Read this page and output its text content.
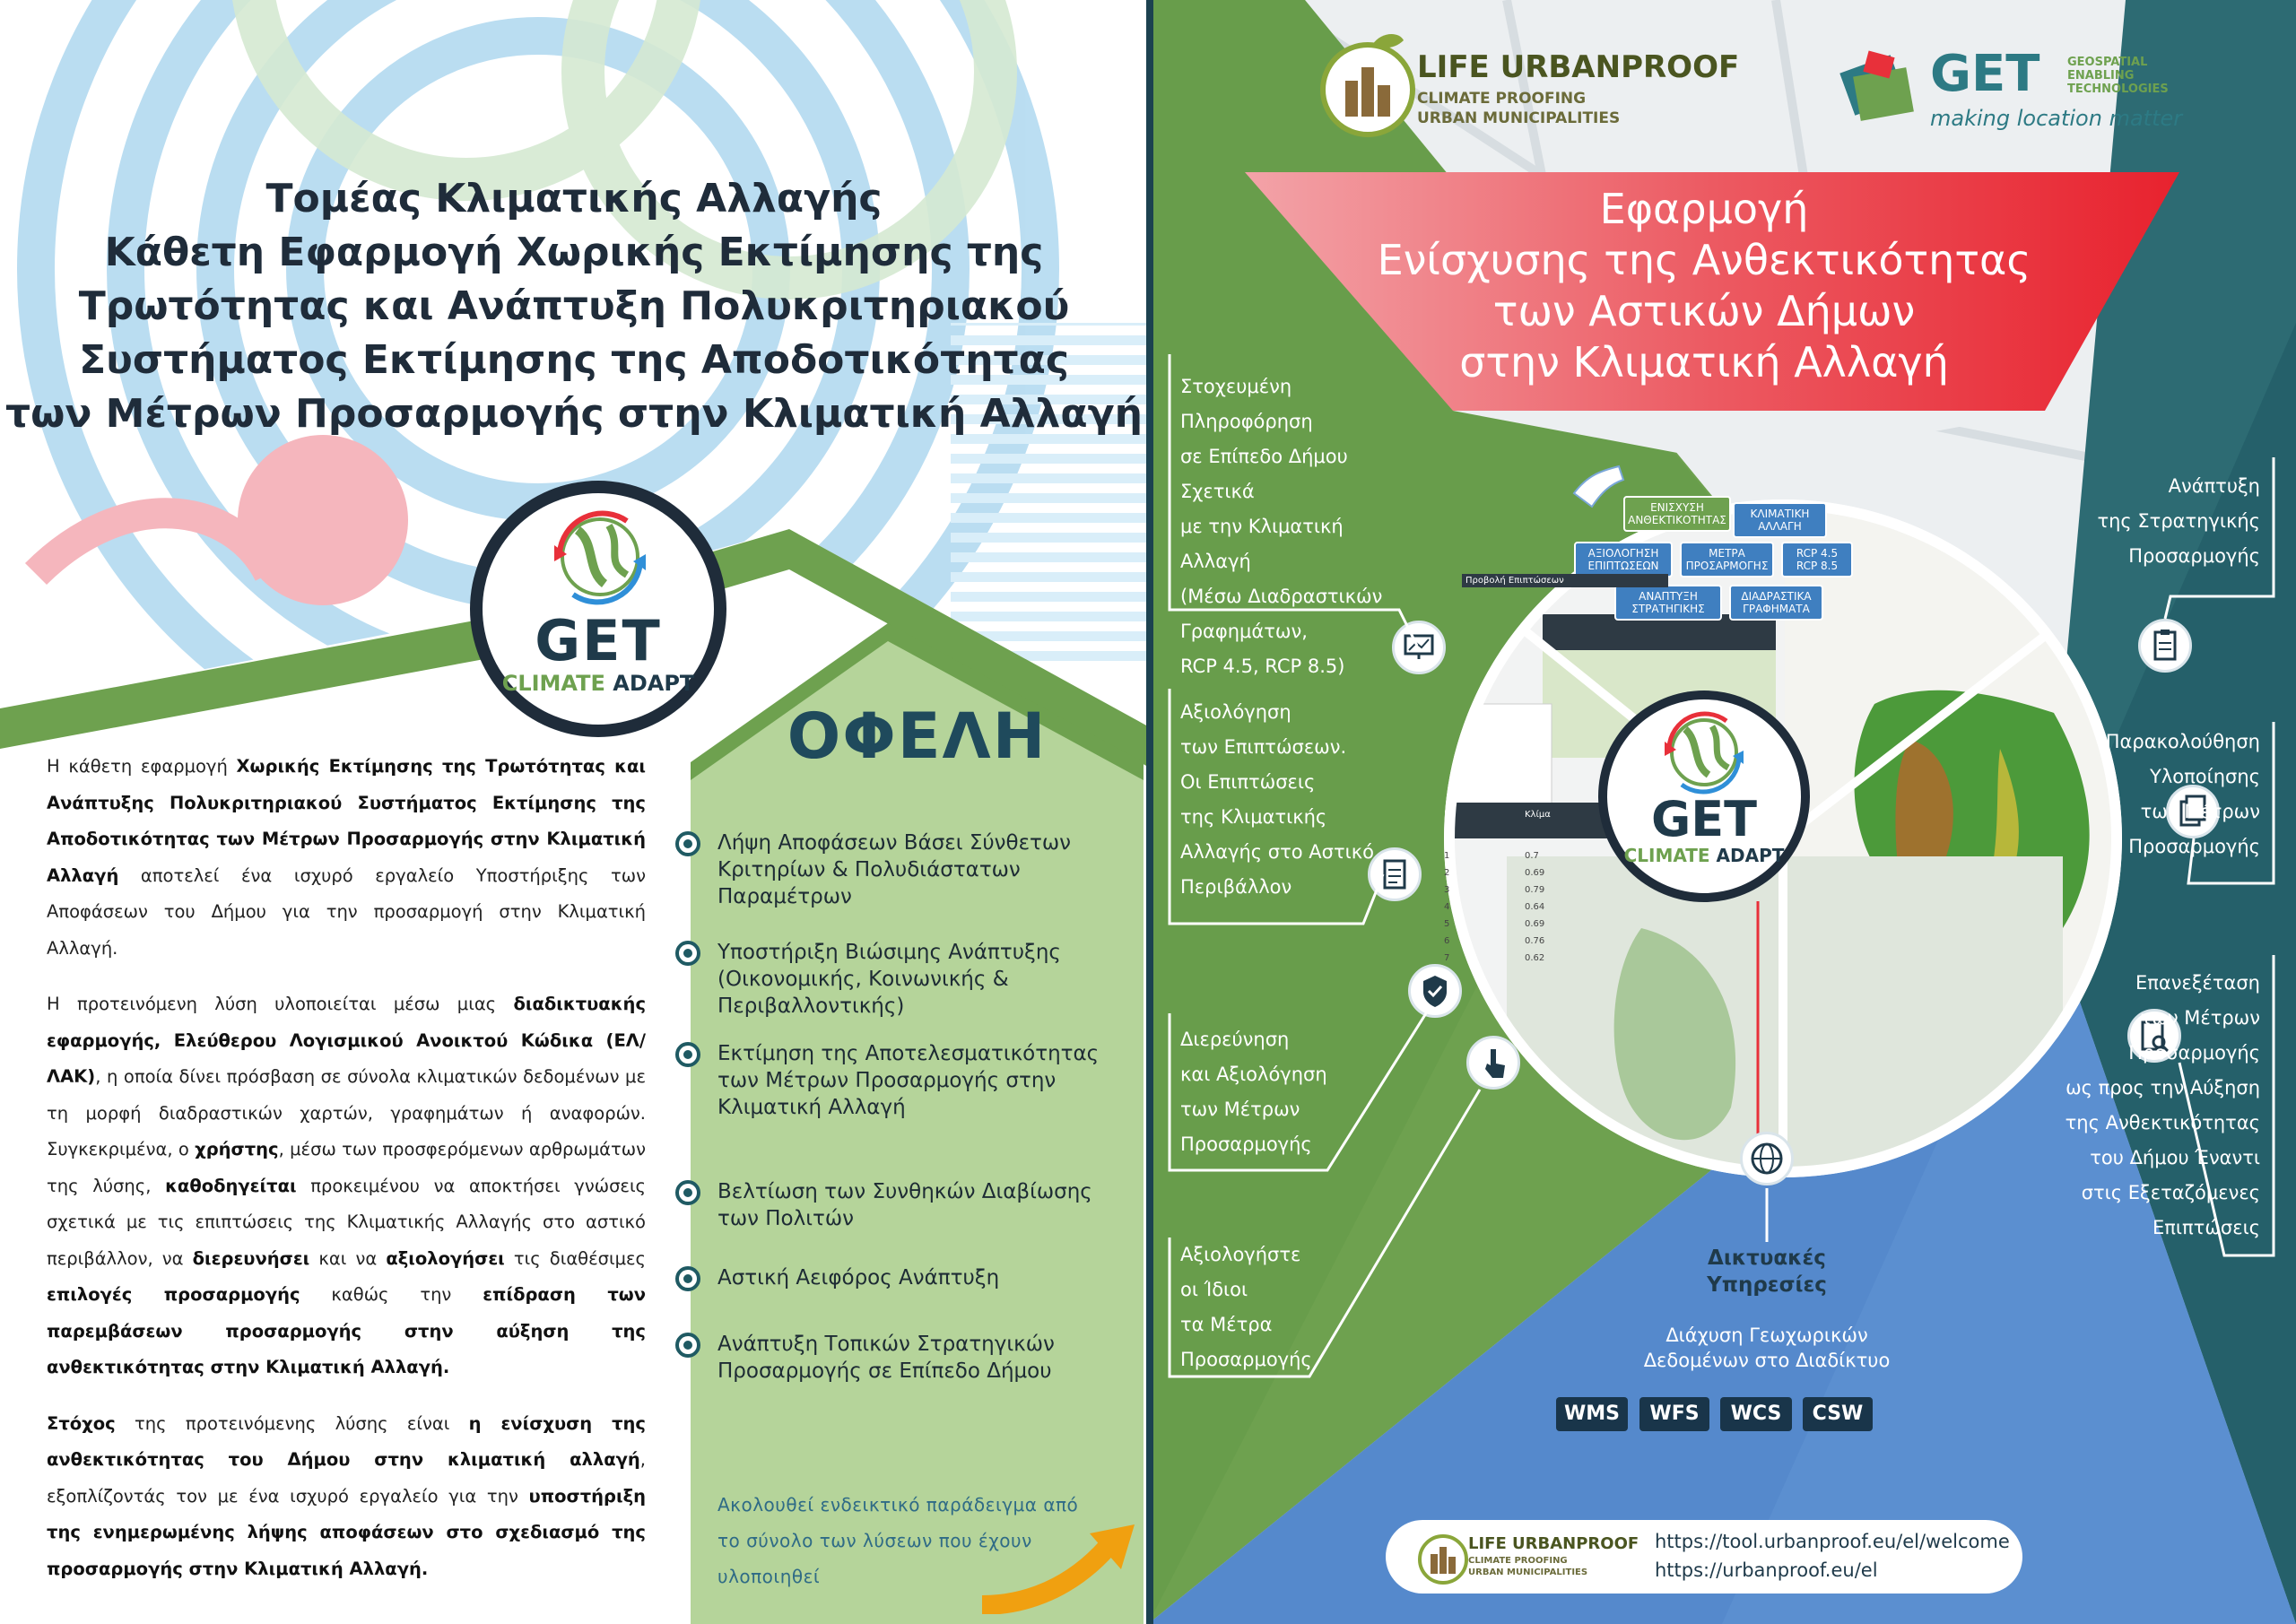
Τομέας Κλιματικής Αλλαγής
Κάθετη Εφαρμογή Χωρικής Εκτίμησης της
Τρωτότητας και Ανάπτυξη Πολυκριτηριακού
Συστήματος Εκτίμησης της Αποδοτικότητας
των Μέτρων Προσαρμογής στην Κλιματική Αλλαγή
GET
CLIMATE ADAPT

Η κάθετη εφαρμογή Χωρικής Εκτίμησης της Τρωτότητας και Ανάπτυξης Πολυκριτηριακού Συστήματος Εκτίμησης της Αποδοτικότητας των Μέτρων Προσαρμογής στην Κλιματική Αλλαγή αποτελεί ένα ισχυρό εργαλείο Υποστήριξης των Αποφάσεων του Δήμου για την προσαρμογή στην Κλιματική Αλλαγή.

Η προτεινόμενη λύση υλοποιείται μέσω μιας διαδικτυακής εφαρμογής, Ελεύθερου Λογισμικού Ανοικτού Κώδικα (ΕΛ/ΛΑΚ), η οποία δίνει πρόσβαση σε σύνολα κλιματικών δεδομένων με τη μορφή διαδραστικών χαρτών, γραφημάτων ή αναφορών. Συγκεκριμένα, ο χρήστης, μέσω των προσφερόμενων αρθρωμάτων της λύσης, καθοδηγείται προκειμένου να αποκτήσει γνώσεις σχετικά με τις επιπτώσεις της Κλιματικής Αλλαγής στο αστικό περιβάλλον, να διερευνήσει και να αξιολογήσει τις διαθέσιμες επιλογές προσαρμογής καθώς την επίδραση των παρεμβάσεων προσαρμογής στην αύξηση της ανθεκτικότητας στην Κλιματική Αλλαγή.

Στόχος της προτεινόμενης λύσης είναι η ενίσχυση της ανθεκτικότητας του Δήμου στην κλιματική αλλαγή, εξοπλίζοντάς τον με ένα ισχυρό εργαλείο για την υποστήριξη της ενημερωμένης λήψης αποφάσεων στο σχεδιασμό της προσαρμογής στην Κλιματική Αλλαγή.

ΟΦΕΛΗ
Λήψη Αποφάσεων Βάσει Σύνθετων Κριτηρίων & Πολυδιάστατων Παραμέτρων
Υποστήριξη Βιώσιμης Ανάπτυξης (Οικονομικής, Κοινωνικής & Περιβαλλοντικής)
Εκτίμηση της Αποτελεσματικότητας των Μέτρων Προσαρμογής στην Κλιματική Αλλαγή
Βελτίωση των Συνθηκών Διαβίωσης των Πολιτών
Αστική Αειφόρος Ανάπτυξη
Ανάπτυξη Τοπικών Στρατηγικών Προσαρμογής σε Επίπεδο Δήμου
Ακολουθεί ενδεικτικό παράδειγμα από το σύνολο των λύσεων που έχουν υλοποιηθεί
LIFE URBANPROOF
CLIMATE PROOFING
URBAN MUNICIPALITIES
GET GEOSPATIAL
ENABLING
TECHNOLOGIES
making location matter
Εφαρμογή
Ενίσχυσης της Ανθεκτικότητας
των Αστικών Δήμων
στην Κλιματική Αλλαγή
ΕΝΙΣΧΥΣΗ ΑΝΘΕΚΤΙΚΟΤΗΤΑΣ	ΚΛΙΜΑΤΙΚΗ ΑΛΛΑΓΗ
ΑΞΙΟΛΟΓΗΣΗ ΕΠΙΠΤΩΣΕΩΝ
ΜΕΤΡΑ ΠΡΟΣΑΡΜΟΓΗΣ
RCP 4.5 RCP 8.5
ΑΝΑΠΤΥΞΗ ΣΤΡΑΤΗΓΙΚΗΣ
ΔΙΑΔΡΑΣΤΙΚΑ ΓΡΑΦΗΜΑΤΑ
Προβολή Επιπτώσεων
Id	Κλίμα
1	0.7
2	0.69
3	0.79
4	0.64
5	0.69
6	0.76
7	0.62
GET
CLIMATE ADAPT
Στοχευμένη
Πληροφόρηση
σε Επίπεδο Δήμου Σχετικά
με την Κλιματική Αλλαγή
(Μέσω Διαδραστικών
Γραφημάτων,
RCP 4.5, RCP 8.5)
Αξιολόγηση
των Επιπτώσεων.
Οι Επιπτώσεις
της Κλιματικής
Αλλαγής στο Αστικό
Περιβάλλον
Διερεύνηση
και Αξιολόγηση
των Μέτρων
Προσαρμογής
Αξιολογήστε
οι Ίδιοι
τα Μέτρα
Προσαρμογής
Ανάπτυξη
της Στρατηγικής
Προσαρμογής
Παρακολούθηση
Υλοποίησης
των Μέτρων
Προσαρμογής
Επανεξέταση
των Μέτρων
Προσαρμογής
ως προς την Αύξηση
της Ανθεκτικότητας
του Δήμου Έναντι
στις Εξεταζόμενες
Επιπτώσεις
Δικτυακές
Υπηρεσίες
Διάχυση Γεωχωρικών
Δεδομένων στο Διαδίκτυο
WMS	WFS	WCS	CSW
LIFE URBANPROOF
CLIMATE PROOFING
URBAN MUNICIPALITIES
https://tool.urbanproof.eu/el/welcome
https://urbanproof.eu/el
